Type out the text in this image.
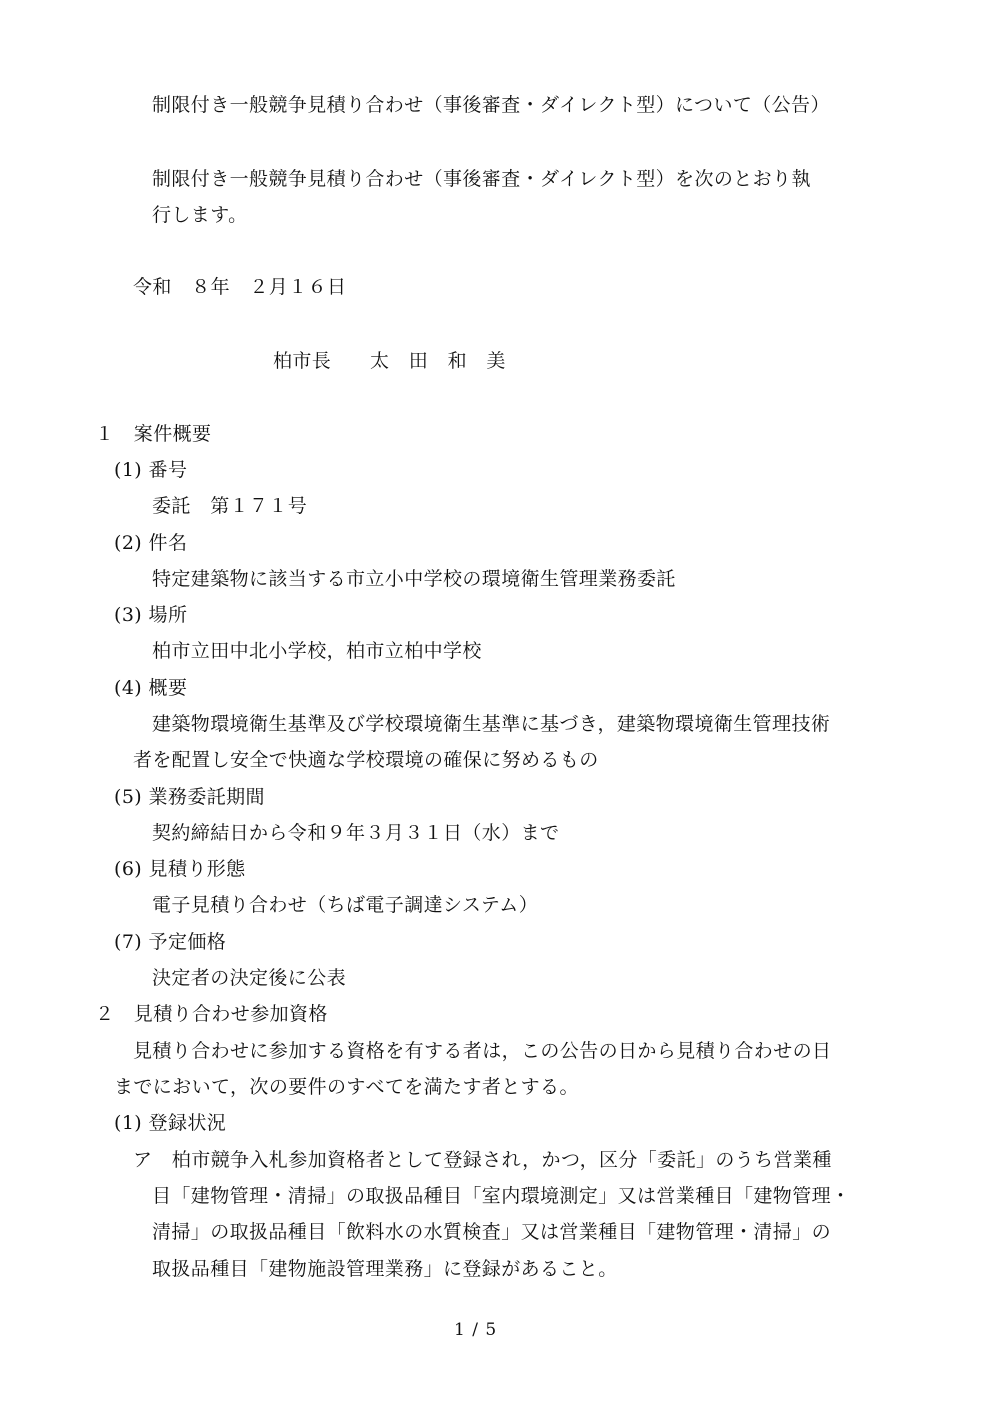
制限付き一般競争見積り合わせ（事後審査・ダイレクト型）について（公告）

制限付き一般競争見積り合わせ（事後審査・ダイレクト型）を次のとおり執

行します。

令和　８年　２月１６日

柏市長　　太　田　和　美

１　案件概要

(1) 番号

委託　第１７１号

(2) 件名

特定建築物に該当する市立小中学校の環境衛生管理業務委託

(3) 場所

柏市立田中北小学校，柏市立柏中学校

(4) 概要

建築物環境衛生基準及び学校環境衛生基準に基づき，建築物環境衛生管理技術

者を配置し安全で快適な学校環境の確保に努めるもの

(5) 業務委託期間

契約締結日から令和９年３月３１日（水）まで

(6) 見積り形態

電子見積り合わせ（ちば電子調達システム）

(7) 予定価格

決定者の決定後に公表

２　見積り合わせ参加資格

見積り合わせに参加する資格を有する者は，この公告の日から見積り合わせの日

までにおいて，次の要件のすべてを満たす者とする。

(1) 登録状況

ア　柏市競争入札参加資格者として登録され，かつ，区分「委託」のうち営業種

目「建物管理・清掃」の取扱品種目「室内環境測定」又は営業種目「建物管理・

清掃」の取扱品種目「飲料水の水質検査」又は営業種目「建物管理・清掃」の

取扱品種目「建物施設管理業務」に登録があること。

1 / 5
